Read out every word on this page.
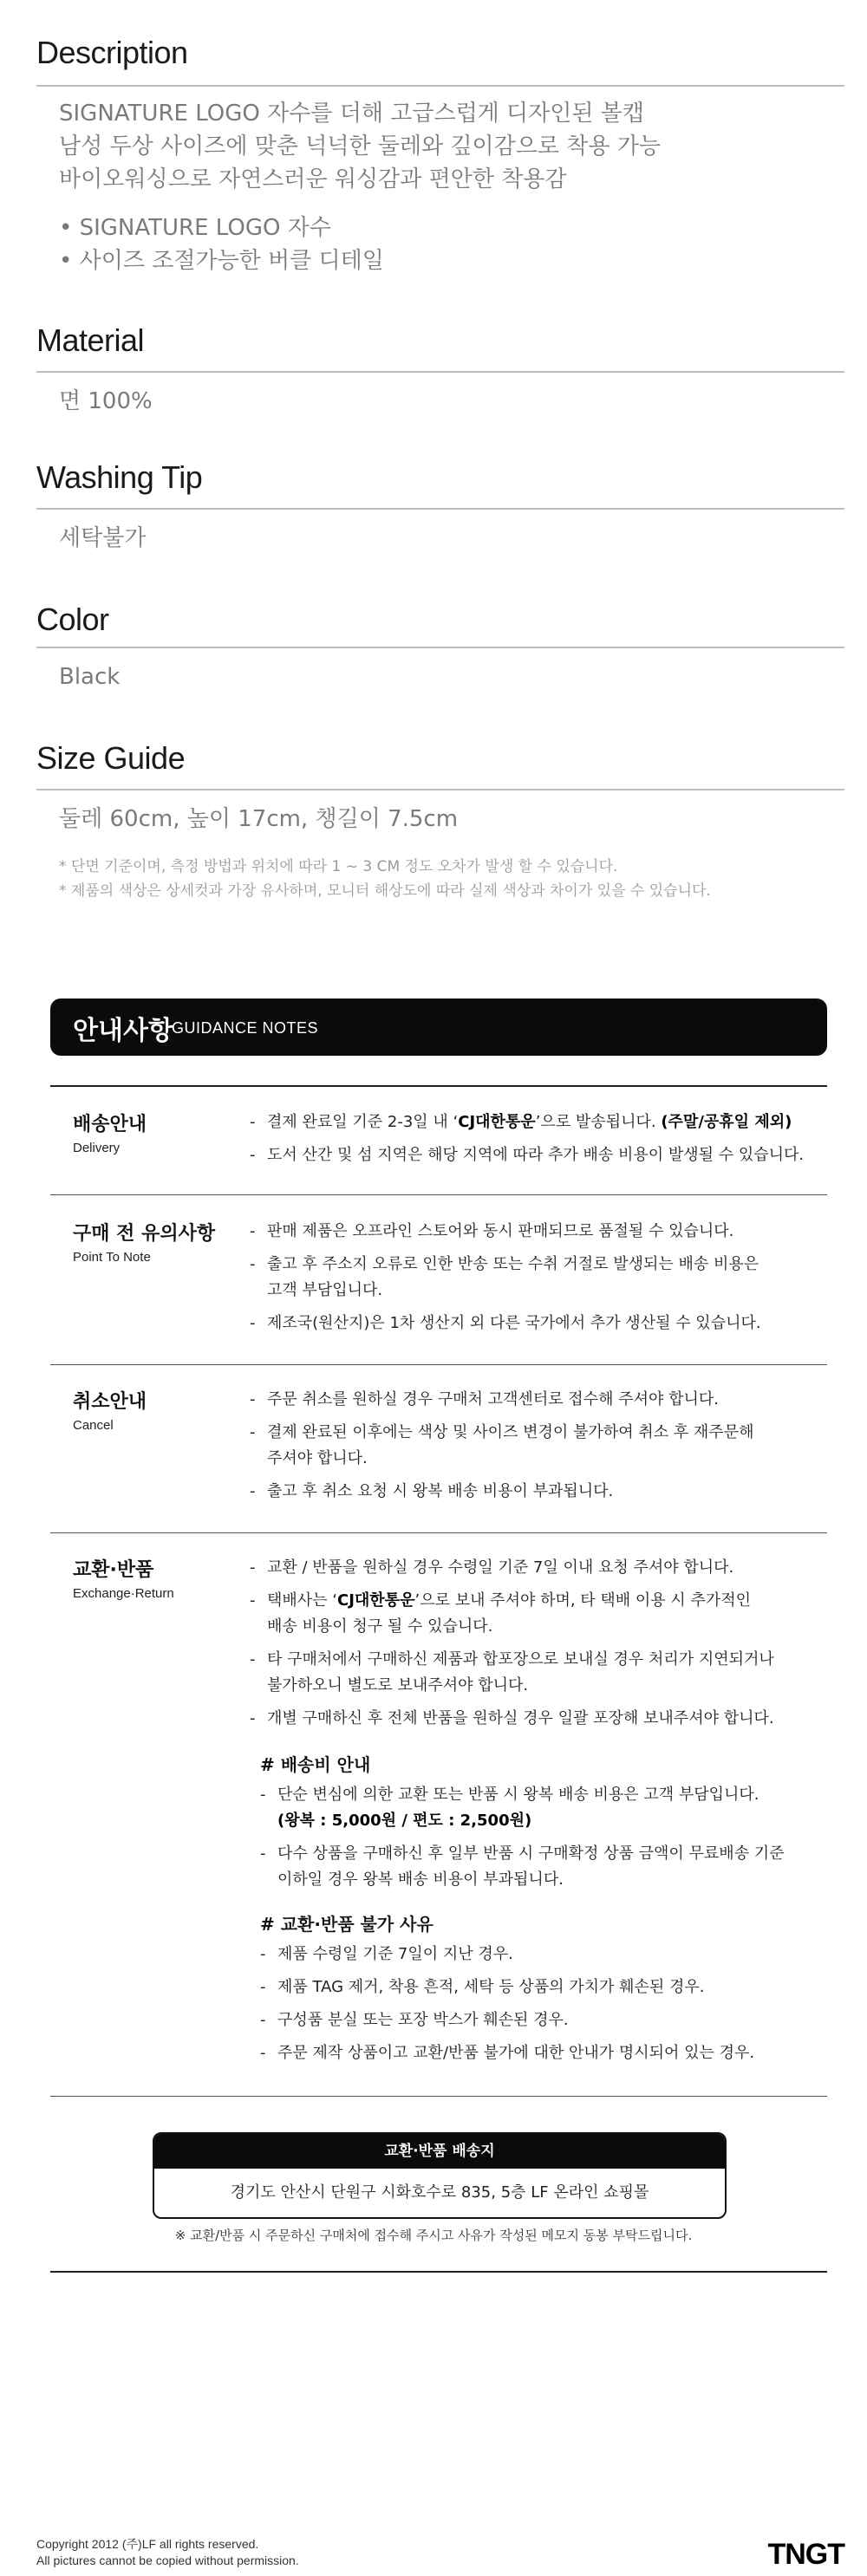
Description
SIGNATURE LOGO 자수를 더해 고급스럽게 디자인된 볼캡
남성 두상 사이즈에 맞춘 넉넉한 둘레와 깊이감으로 착용 가능
바이오워싱으로 자연스러운 워싱감과 편안한 착용감
• SIGNATURE LOGO 자수
• 사이즈 조절가능한 버클 디테일
Material
면 100%
Washing Tip
세탁불가
Color
Black
Size Guide
둘레 60cm, 높이 17cm, 챙길이 7.5cm
* 단면 기준이며, 측정 방법과 위치에 따라 1 ~ 3 CM 정도 오차가 발생 할 수 있습니다.
* 제품의 색상은 상세컷과 가장 유사하며, 모니터 해상도에 따라 실제 색상과 차이가 있을 수 있습니다.
안내사항
GUIDANCE NOTES
배송안내
Delivery
- 결제 완료일 기준 2-3일 내 ‘CJ대한통운’으로 발송됩니다. (주말/공휴일 제외)
- 도서 산간 및 섬 지역은 해당 지역에 따라 추가 배송 비용이 발생될 수 있습니다.
구매 전 유의사항
Point To Note
- 판매 제품은 오프라인 스토어와 동시 판매되므로 품절될 수 있습니다.
- 출고 후 주소지 오류로 인한 반송 또는 수취 거절로 발생되는 배송 비용은
고객 부담입니다.
- 제조국(원산지)은 1차 생산지 외 다른 국가에서 추가 생산될 수 있습니다.
취소안내
Cancel
- 주문 취소를 원하실 경우 구매처 고객센터로 접수해 주셔야 합니다.
- 결제 완료된 이후에는 색상 및 사이즈 변경이 불가하여 취소 후 재주문해
주셔야 합니다.
- 출고 후 취소 요청 시 왕복 배송 비용이 부과됩니다.
교환·반품
Exchange·Return
- 교환 / 반품을 원하실 경우 수령일 기준 7일 이내 요청 주셔야 합니다.
- 택배사는 ‘CJ대한통운’으로 보내 주셔야 하며, 타 택배 이용 시 추가적인
배송 비용이 청구 될 수 있습니다.
- 타 구매처에서 구매하신 제품과 합포장으로 보내실 경우 처리가 지연되거나
불가하오니 별도로 보내주셔야 합니다.
- 개별 구매하신 후 전체 반품을 원하실 경우 일괄 포장해 보내주셔야 합니다.
# 배송비 안내
- 단순 변심에 의한 교환 또는 반품 시 왕복 배송 비용은 고객 부담입니다.
(왕복 : 5,000원 / 편도 : 2,500원)
- 다수 상품을 구매하신 후 일부 반품 시 구매확정 상품 금액이 무료배송 기준
이하일 경우 왕복 배송 비용이 부과됩니다.
# 교환·반품 불가 사유
- 제품 수령일 기준 7일이 지난 경우.
- 제품 TAG 제거, 착용 흔적, 세탁 등 상품의 가치가 훼손된 경우.
- 구성품 분실 또는 포장 박스가 훼손된 경우.
- 주문 제작 상품이고 교환/반품 불가에 대한 안내가 명시되어 있는 경우.
교환·반품 배송지
경기도 안산시 단원구 시화호수로 835, 5층 LF 온라인 쇼핑몰
※ 교환/반품 시 주문하신 구매처에 접수해 주시고 사유가 작성된 메모지 동봉 부탁드립니다.
Copyright 2012 (주)LF all rights reserved.
All pictures cannot be copied without permission.	TNGT
